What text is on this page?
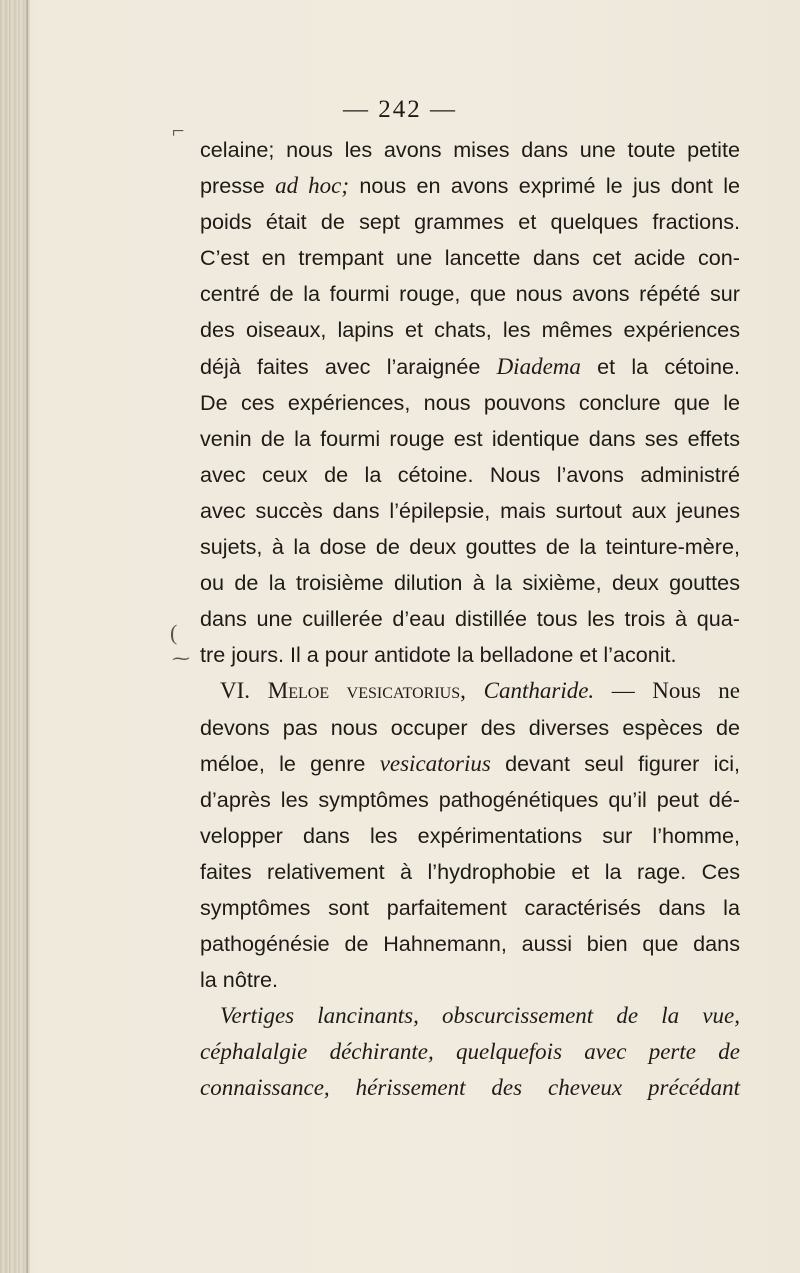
— 242 —
⌐
(
⁓
celaine; nous les avons mises dans une toute petite
presse ad hoc; nous en avons exprimé le jus dont le
poids était de sept grammes et quelques fractions.
C’est en trempant une lancette dans cet acide con-
centré de la fourmi rouge, que nous avons répété sur
des oiseaux, lapins et chats, les mêmes expériences
déjà faites avec l’araignée Diadema et la cétoine.
De ces expériences, nous pouvons conclure que le
venin de la fourmi rouge est identique dans ses effets
avec ceux de la cétoine. Nous l’avons administré
avec succès dans l’épilepsie, mais surtout aux jeunes
sujets, à la dose de deux gouttes de la teinture-mère,
ou de la troisième dilution à la sixième, deux gouttes
dans une cuillerée d’eau distillée tous les trois à qua-
tre jours. Il a pour antidote la belladone et l’aconit.
VI. Meloe vesicatorius, Cantharide. — Nous ne
devons pas nous occuper des diverses espèces de
méloe, le genre vesicatorius devant seul figurer ici,
d’après les symptômes pathogénétiques qu’il peut dé-
velopper dans les expérimentations sur l’homme,
faites relativement à l’hydrophobie et la rage. Ces
symptômes sont parfaitement caractérisés dans la
pathogénésie de Hahnemann, aussi bien que dans
la nôtre.
Vertiges lancinants, obscurcissement de la vue,
céphalalgie déchirante, quelquefois avec perte de
connaissance, hérissement des cheveux précédant
